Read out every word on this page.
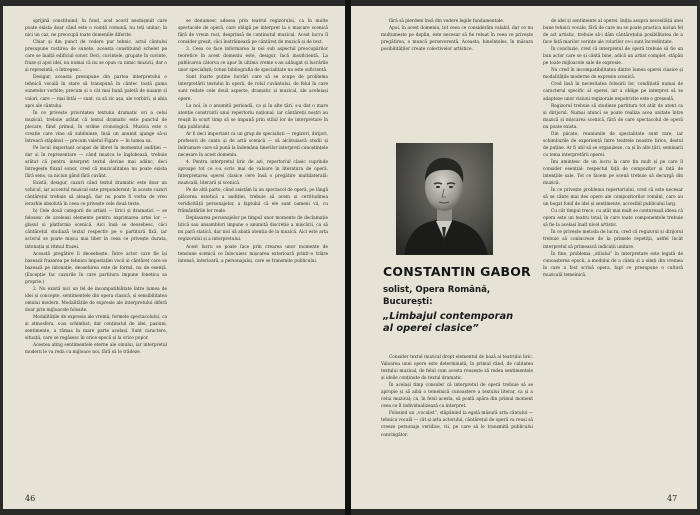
sprijină constituind, în fond, acel acord neobișnuit care poate exista doar când este o voință comună, nu toți unitar; în nici un caz, ne preocupă toate domeniile diferite.

Chiar și din punct de vedere pur tehnic, actul cântului presupune rostirea de sunete, aceasta constituind schelet pe care se înalță edificiul sonor. Deci, cuvintele, grupate în cuvinte, fraze și apoi idei, nu numai că nu se opun ca nimic muzicii, dar o și reprezintă, o întregesc.

Desigur, aceasta presupune din partea interpretului o tehnică vocală în stare să transpună în cântec toată gama sunetelor vorbite; precum și o cât mai bună paletă de nuanțe și valori, care — mai întâi — sunt, ca să zic așa, ale vorbirii, și abia apoi ale cântului.

În ce privește prioritatea textului dramatic ori a celui muzical, trebuie arătat că textul dramatic este punctul de plecare, fiind primul, în ordine cronologică. Muzica este o creație care vine să sublinieze, însă un anumit ajunge să-și întreacă stăpânul — precum valetul Figaro — în lumea sa.

Pe locul important ocupat de libret în momentul audiției — dar și în reprezentare — când muzica le înglobează, trebuie arătat că pentru interpret textul devine mai adânc, deci întregește fluxul sonor, cred că muzicalitatea nu poate exista fără sens, ca niciun gând fără cuvânt.

Există, desigur, cazuri când textul dramatic este doar un vehicul, iar accentul muzical este preponderent; în aceste cazuri cântărețul trebuie să aleagă, dar nu poate fi vorba de vreo ierarhie absolută în ceea ce privește cele două texte.

b) Cele două categorii de artiști — lirici și dramatici — se folosesc de aceleași elemente pentru exprimarea artei lor — glasul și platforma scenică. Aici însă se deosebesc, căci cântărețul studiază textul respectiv pe o partitură fixă, iar actorul se poate mișca mai liber în ceea ce privește durata, intonația și ritmul frazei.

Această pregătire îi deosebește. Între actor care fie își bazează frazarea pe tehnica impostației vocii și cântăreț care se bazează pe intonație, deosebirea este de formă, nu de esență. (Excepție fac cazurile în care partitura impune fonetica sa proprie.)

2. Nu există nici un fel de incompatibilitate între lumea de idei și concepte, sentimentele din opera clasică, și sensibilitatea omului modern. Modalitățile de expresie ale interpretului diferă doar prin mijloacele folosite.

Modalitățile de expresie ale vremii, formele spectacolului, ca și atmosfera, s-au schimbat; dar conținutul de idei, pasiuni, sentimente, a rămas în mare parte același. Sunt caractere, situații, care se regăsesc în orice epocă și la orice popor.

Acestea ating sentimentele eterne ale omului, iar interpretul modern le va reda cu mijloace noi, fără să le trădeze.

se denumesc adesea prin teatrul regizorului, ca în multe spectacole de operă, care obligă pe interpret la o mișcare scenică fără de vreun rost, desprinsă de conținutul muzical. Acest lucru îl consider greșit, căci înstrăinează pe cântăreț de muzică și de text.

3. Ceea ce face informarea la noi sub aspectul preocupărilor teoretice în acest domeniu este, desigur, încă insuficientă. La publicarea câtorva ce apar în ultima vreme s-au adăugat și lucrările unor specialiști; totuși bibliografia de specialitate nu este suficientă.

Sunt foarte puține lucrări care să se ocupe de problema interpretării textului în operă, de rolul cuvântului, de felul în care sunt redate cele două aspecte, dramatic și muzical, ale aceleiași opere.

La noi, la o anumită perioadă, ca și în alte țări, s-a dat o mare atenție construirii unui repertoriu național, iar cântăreții noștri au reușit în scurt timp să se impună prin stilul lor de interpretare în fața publicului.

Ar fi deci important ca un grup de specialiști — regizori, dirijori, profesori de canto și de artă scenică — să alcătuiască studii și îndrumare care să pună la îndemâna tinerilor interpreți cunoștințele necesare în acest domeniu.

4. Pentru interpretul liric de azi, repertoriul clasic cuprinde aproape tot ce s-a scris mai de valoare în literatura de operă. Interpretarea operei clasice cere însă o pregătire multilaterală: muzicală, literară și scenică.

Pe de altă parte, când asistăm la un spectacol de operă, pe lângă plăcerea estetică a audiției, trebuie să avem și certitudinea veridicității personajelor, a faptului că ele sunt oameni vii, cu frământările lor reale.

Deplasarea personajelor pe timpul unor momente de declamație lirică sau ansambluri impune o anumită discreție a mișcării, ca să nu pară statică, dar nici să abată atenția de la muzică. Aici este arta regizorului și a interpretului.

Acest lucru se poate face prin crearea unor momente de tensiune scenică ce înlocuiesc mișcarea exterioară printr-o trăire intensă, interioară, a personajului, care se transmite publicului.

46

fără să pierdem însă din vedere legile fundamentale.

Apoi, în acest domeniu, tot ceea ce considerăm valabil, dar ce nu mulțumește pe deplin, este necesar să fie reluat în ceea ce privește pregătirea, o muncă perseverentă. Aceasta, bineînțeles, în măsura posibilităților create colectivelor artistice.

CONSTANTIN GABOR
solist, Opera Română, București:
„Limbajul contemporan al operei clasice”

Consider textul muzical drept elementul de bază al teatrului liric. Valoarea unei opere este determinată, în primul rând, de calitatea textului muzical, de felul cum acesta reușește să redea sentimentele și ideile conținute de textul dramatic.

În același timp consider că interpretul de operă trebuie să se apropie și să aibă o temeinică cunoaștere a textului literar, ca și a celui muzical; ca, în felul acesta, să poată apăra din primul moment ceea ce îl individualizează ca interpret.

Folosind un „vocalist”, stăpânind la egală măsură arta cântului — tehnica vocală — cât și arta actorului, cântărețul de operă va reuși să creeze personaje veridice, vii, pe care să le transmită publicului convingător.

de idei și sentimente al operei. Iniția asupra necesității unei bune tehnici vocale, fără de care nu se poate practica niciun fel de act artistic, trebuie să-i dăm cântărețului posibilitatea de a face față marilor cerințe ale rolurilor ce-i sunt încredințate.

În concluzie, cred că interpretul de operă trebuie să fie un bun actor care se și cântă bine, adică un artist complet, stăpân pe toate mijloacele sale de expresie.

Nu cred în incompatibilitatea dintre lumea operei clasice și modalitățile moderne de expresie scenică.

Cred însă în necesitatea folosirii lor, condițiată numai de caracterul specific al operei, iar a oblige pe interpret să se adapteze unor viziuni regizorale nepotrivite este o greșeală.

Regizorul trebuie să studieze partitura tot atât de atent ca și dirijorul. Numai atunci se poate realiza acea unitate între muzică și mișcarea scenică, fără de care spectacolul de operă nu poate exista.

Din păcate, reuniunile de specialitate sunt rare, iar schimburile de experiență între teatrele noastre lirice, destul de puține. Ar fi util să se organizeze, ca și în alte țări, seminarii cu tema interpretării operei.

Îmi amintesc de un lucru la care țin mult și pe care îl consider esențial: respectul față de compozitor și față de intențiile sale. Tot ce facem pe scenă trebuie să decurgă din muzică.

În ce privește problema repertoriului, cred că este necesar să se cânte mai des opere ale compozitorilor români, care au un bogat fond de idei și sentimente, accesibil publicului larg.

Cu cât timpul trece, cu atât mai mult se conturează ideea că opera este un teatru total, în care toate componentele trebuie să fie la același înalt nivel artistic.

În ce privește metoda de lucru, cred că regizorul și dirijorul trebuie să conlucreze de la primele repetiții, astfel încât interpretul să primească indicații unitare.

În fine, problema „stilului” în interpretare este legată de cunoașterea epocii, a modului de a cânta și a simți din vremea în care a fost scrisă opera, fapt ce presupune o cultură muzicală temeinică.

47
